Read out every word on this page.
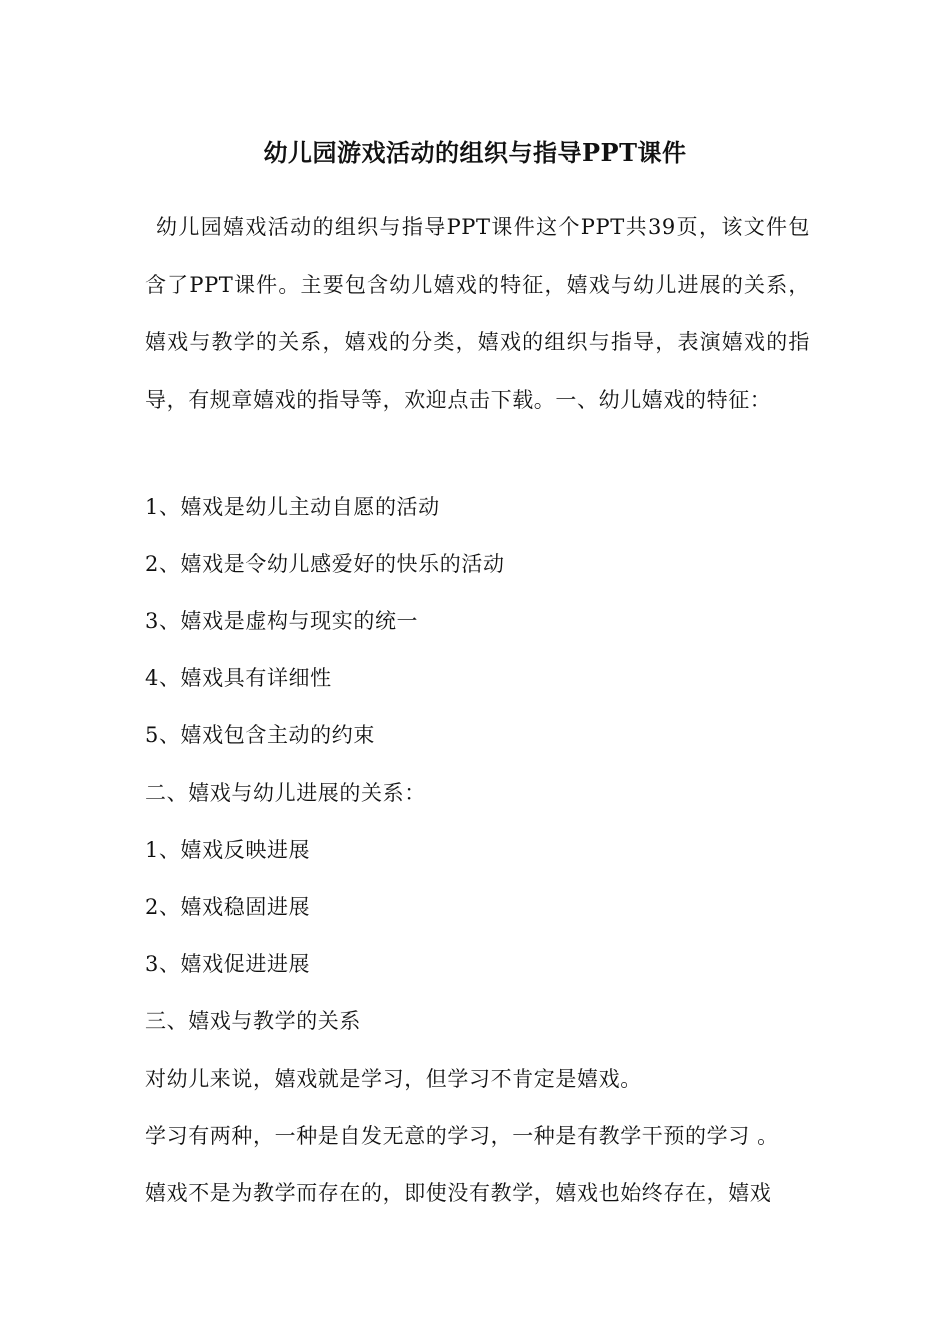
幼儿园游戏活动的组织与指导PPT课件
幼儿园嬉戏活动的组织与指导PPT课件这个PPT共39页，该文件包含了PPT课件。主要包含幼儿嬉戏的特征，嬉戏与幼儿进展的关系，嬉戏与教学的关系，嬉戏的分类，嬉戏的组织与指导，表演嬉戏的指导，有规章嬉戏的指导等，欢迎点击下载。一、幼儿嬉戏的特征：
1、嬉戏是幼儿主动自愿的活动
2、嬉戏是令幼儿感爱好的快乐的活动
3、嬉戏是虚构与现实的统一
4、嬉戏具有详细性
5、嬉戏包含主动的约束
二、嬉戏与幼儿进展的关系：
1、嬉戏反映进展
2、嬉戏稳固进展
3、嬉戏促进进展
三、嬉戏与教学的关系
对幼儿来说，嬉戏就是学习，但学习不肯定是嬉戏。
学习有两种，一种是自发无意的学习，一种是有教学干预的学习 。
嬉戏不是为教学而存在的，即使没有教学，嬉戏也始终存在，嬉戏
